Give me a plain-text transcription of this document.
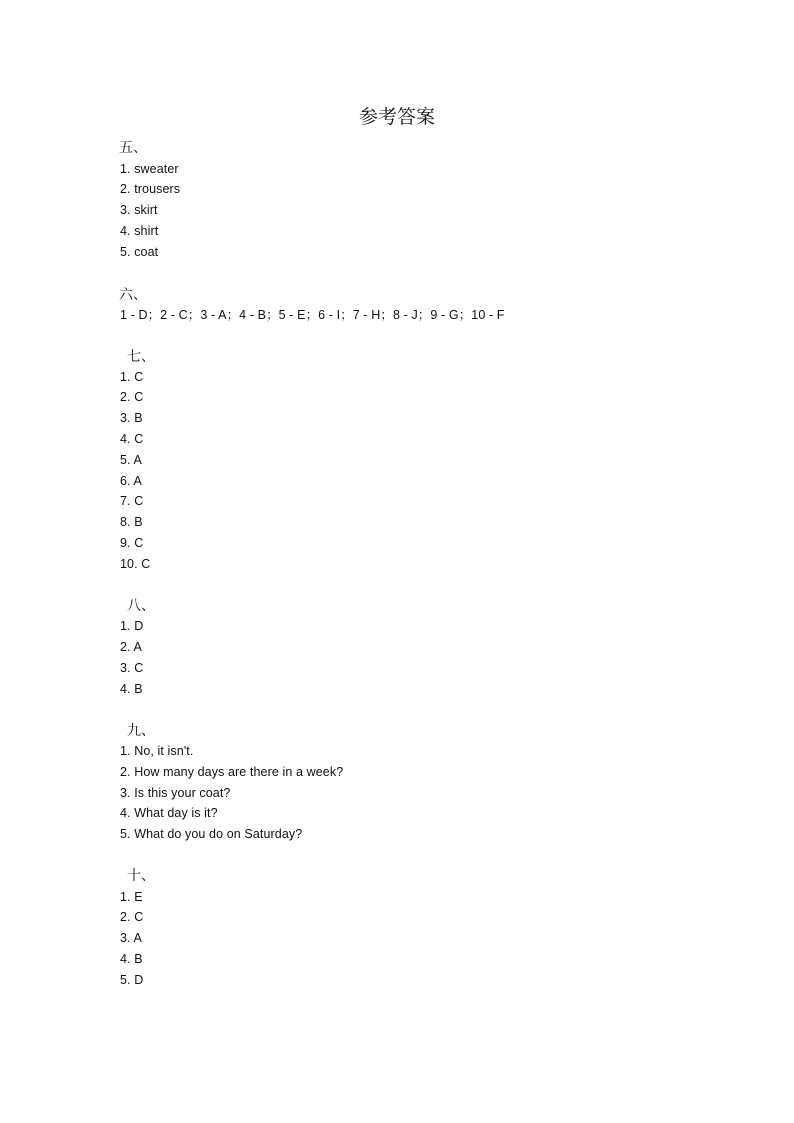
参考答案
五、
1. sweater
2. trousers
3. skirt
4. shirt
5. coat
六、
1 - D；2 - C；3 - A；4 - B；5 - E；6 - I；7 - H；8 - J；9 - G；10 - F
七、
1. C
2. C
3. B
4. C
5. A
6. A
7. C
8. B
9. C
10. C
八、
1. D
2. A
3. C
4. B
九、
1. No, it isn't.
2. How many days are there in a week?
3. Is this your coat?
4. What day is it?
5. What do you do on Saturday?
十、
1. E
2. C
3. A
4. B
5. D
